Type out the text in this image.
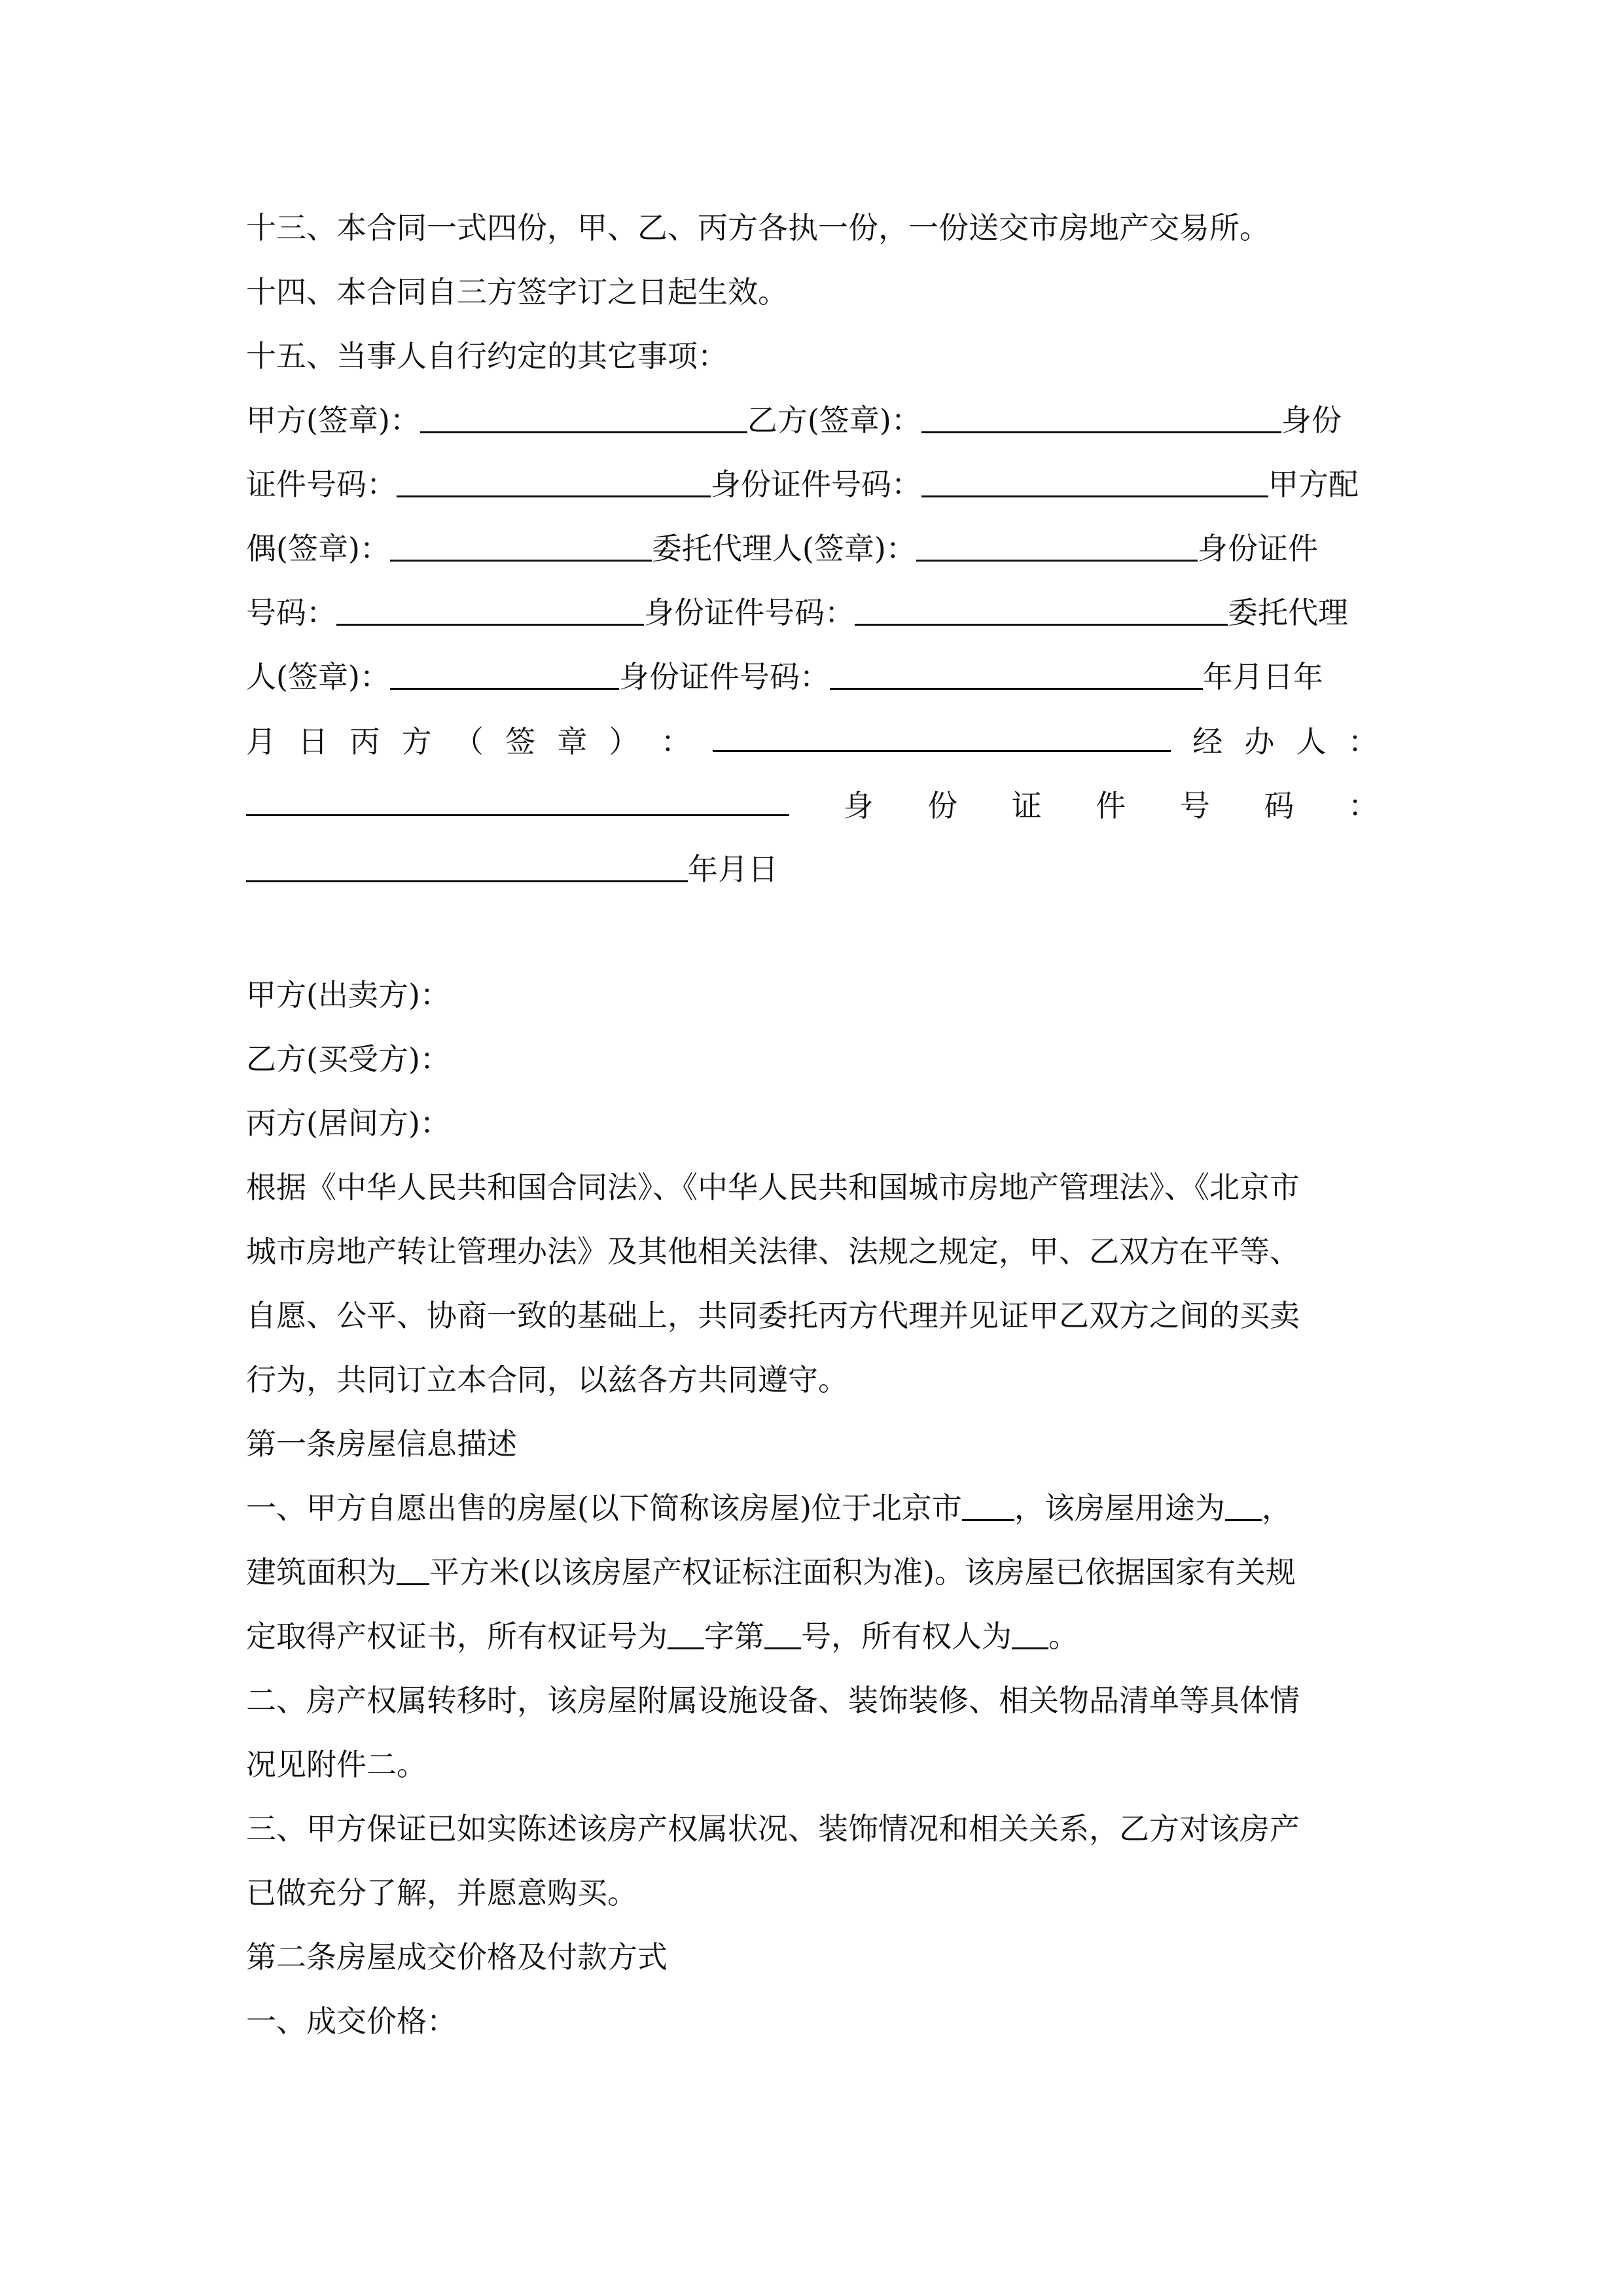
十三、本合同一式四份，甲、乙、丙方各执一份，一份送交市房地产交易所。
十四、本合同自三方签字订之日起生效。
十五、当事人自行约定的其它事项：
甲方(签章)：	乙方(签章)：	身份
证件号码：	身份证件号码：	甲方配
偶(签章)：	委托代理人(签章)：	身份证件
号码：	身份证件号码：	委托代理
人(签章)：	身份证件号码：	年月日年
月 日 丙 方 （ 签 章 ） ：	经 办 人 ：
身 份 证 件 号 码 ：
年月日
甲方(出卖方)：
乙方(买受方)：
丙方(居间方)：
根据《中华人民共和国合同法》、《中华人民共和国城市房地产管理法》、《北京市
城市房地产转让管理办法》及其他相关法律、法规之规定，甲、乙双方在平等、
自愿、公平、协商一致的基础上，共同委托丙方代理并见证甲乙双方之间的买卖
行为，共同订立本合同，以兹各方共同遵守。
第一条房屋信息描述
一、甲方自愿出售的房屋(以下简称该房屋)位于北京市 ，该房屋用途为 ，
建筑面积为 平方米(以该房屋产权证标注面积为准)。该房屋已依据国家有关规
定取得产权证书，所有权证号为 字第 号，所有权人为 。
二、房产权属转移时，该房屋附属设施设备、装饰装修、相关物品清单等具体情
况见附件二。
三、甲方保证已如实陈述该房产权属状况、装饰情况和相关关系，乙方对该房产
已做充分了解，并愿意购买。
第二条房屋成交价格及付款方式
一、成交价格：
